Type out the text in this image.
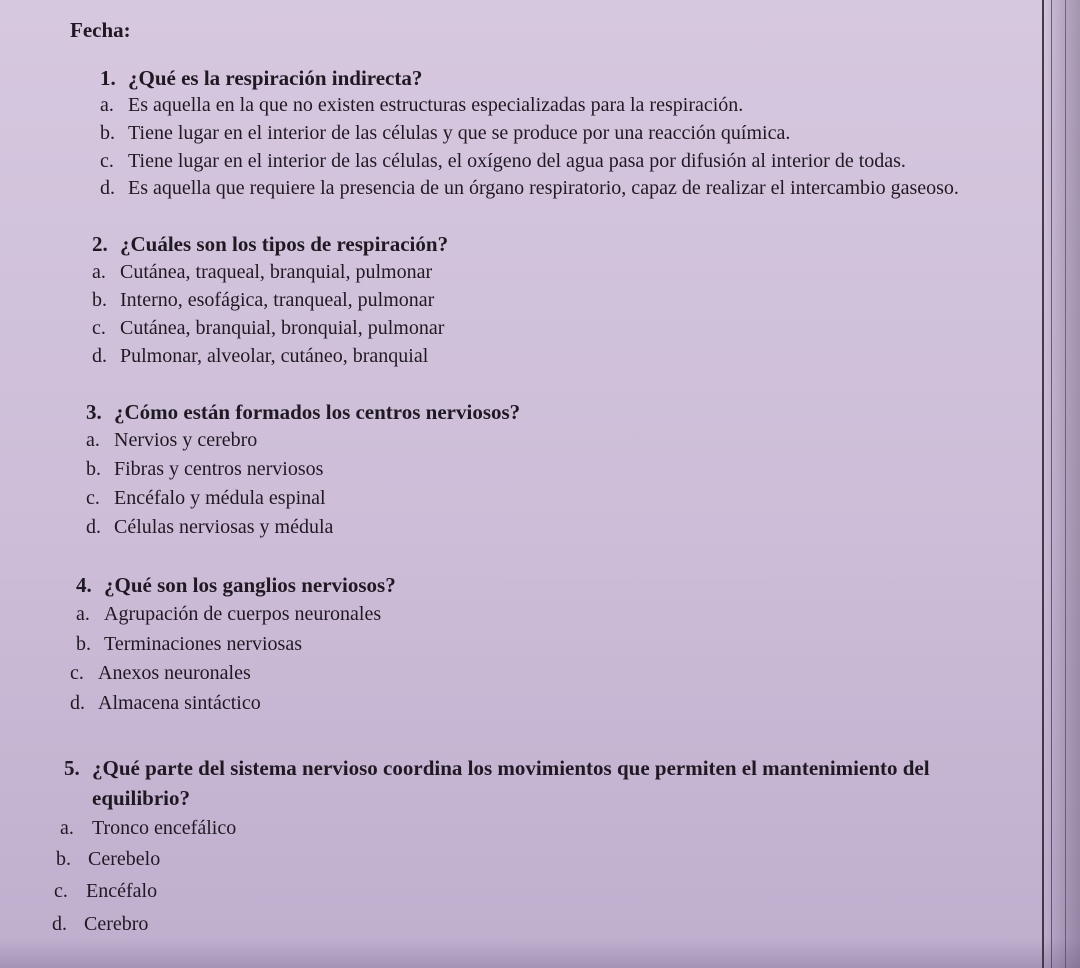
Fecha:
1. ¿Qué es la respiración indirecta?
a. Es aquella en la que no existen estructuras especializadas para la respiración.
b. Tiene lugar en el interior de las células y que se produce por una reacción química.
c. Tiene lugar en el interior de las células, el oxígeno del agua pasa por difusión al interior de todas.
d. Es aquella que requiere la presencia de un órgano respiratorio, capaz de realizar el intercambio gaseoso.
2. ¿Cuáles son los tipos de respiración?
a. Cutánea, traqueal, branquial, pulmonar
b. Interno, esofágica, tranqueal, pulmonar
c. Cutánea, branquial, bronquial, pulmonar
d. Pulmonar, alveolar, cutáneo, branquial
3. ¿Cómo están formados los centros nerviosos?
a. Nervios y cerebro
b. Fibras y centros nerviosos
c. Encéfalo y médula espinal
d. Células nerviosas y médula
4. ¿Qué son los ganglios nerviosos?
a. Agrupación de cuerpos neuronales
b. Terminaciones nerviosas
c. Anexos neuronales
d. Almacena sintáctico
5. ¿Qué parte del sistema nervioso coordina los movimientos que permiten el mantenimiento del
equilibrio?
a. Tronco encefálico
b. Cerebelo
c. Encéfalo
d. Cerebro
